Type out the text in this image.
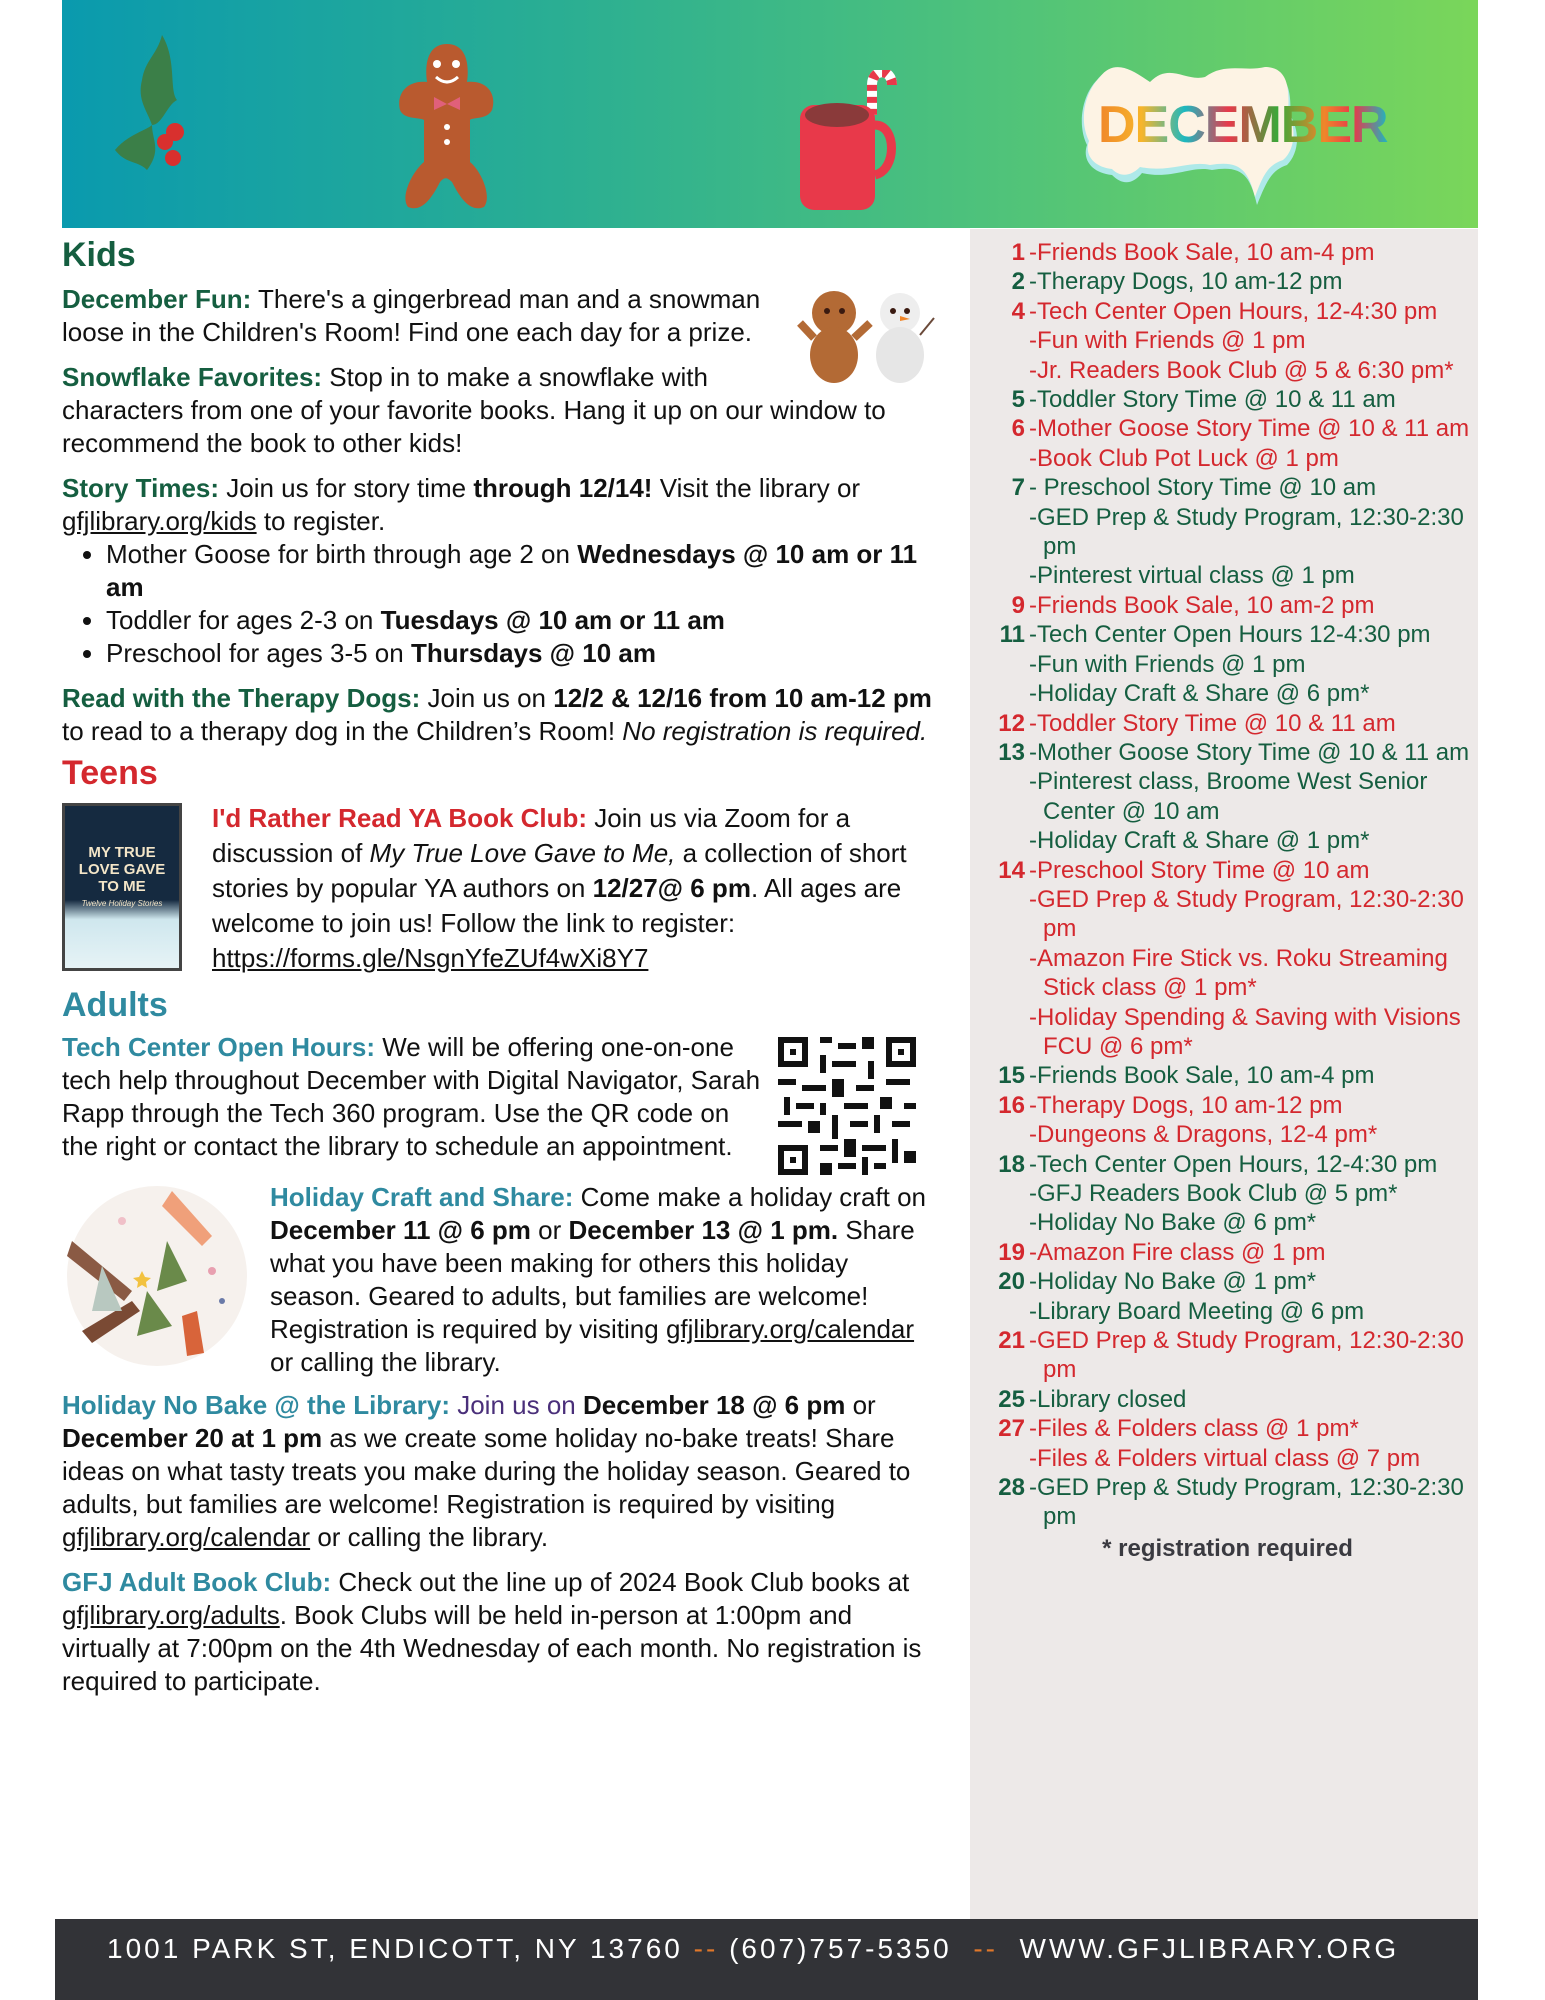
DECEMBER
Kids

December Fun: There's a gingerbread man and a snowman loose in the Children's Room! Find one each day for a prize.

Snowflake Favorites: Stop in to make a snowflake with characters from one of your favorite books. Hang it up on our window to recommend the book to other kids!

Story Times: Join us for story time through 12/14! Visit the library or gfjlibrary.org/kids to register.

• Mother Goose for birth through age 2 on Wednesdays @ 10 am or 11 am
• Toddler for ages 2-3 on Tuesdays @ 10 am or 11 am
• Preschool for ages 3-5 on Thursdays @ 10 am

Read with the Therapy Dogs: Join us on 12/2 & 12/16 from 10 am-12 pm to read to a therapy dog in the Children’s Room! No registration is required.

Teens
MY TRUE LOVE GAVE TO ME
Twelve Holiday Stories

I'd Rather Read YA Book Club: Join us via Zoom for a discussion of My True Love Gave to Me, a collection of short stories by popular YA authors on 12/27@ 6 pm. All ages are welcome to join us! Follow the link to register: https://forms.gle/NsgnYfeZUf4wXi8Y7

Adults

Tech Center Open Hours: We will be offering one-on-one tech help throughout December with Digital Navigator, Sarah Rapp through the Tech 360 program. Use the QR code on the right or contact the library to schedule an appointment.

Holiday Craft and Share: Come make a holiday craft on December 11 @ 6 pm or December 13 @ 1 pm. Share what you have been making for others this holiday season. Geared to adults, but families are welcome! Registration is required by visiting gfjlibrary.org/calendar or calling the library.

Holiday No Bake @ the Library: Join us on December 18 @ 6 pm or December 20 at 1 pm as we create some holiday no-bake treats! Share ideas on what tasty treats you make during the holiday season. Geared to adults, but families are welcome! Registration is required by visiting gfjlibrary.org/calendar or calling the library.

GFJ Adult Book Club: Check out the line up of 2024 Book Club books at gfjlibrary.org/adults. Book Clubs will be held in-person at 1:00pm and virtually at 7:00pm on the 4th Wednesday of each month. No registration is required to participate.

1 -Friends Book Sale, 10 am-4 pm
2 -Therapy Dogs, 10 am-12 pm
4 -Tech Center Open Hours, 12-4:30 pm
-Fun with Friends @ 1 pm
-Jr. Readers Book Club @ 5 & 6:30 pm*
5 -Toddler Story Time @ 10 & 11 am
6 -Mother Goose Story Time @ 10 & 11 am
-Book Club Pot Luck @ 1 pm
7 - Preschool Story Time @ 10 am
-GED Prep & Study Program, 12:30-2:30 pm
-Pinterest virtual class @ 1 pm
9 -Friends Book Sale, 10 am-2 pm
11 -Tech Center Open Hours 12-4:30 pm
-Fun with Friends @ 1 pm
-Holiday Craft & Share @ 6 pm*
12 -Toddler Story Time @ 10 & 11 am
13 -Mother Goose Story Time @ 10 & 11 am
-Pinterest class, Broome West Senior Center @ 10 am
-Holiday Craft & Share @ 1 pm*
14 -Preschool Story Time @ 10 am
-GED Prep & Study Program, 12:30-2:30 pm
-Amazon Fire Stick vs. Roku Streaming Stick class @ 1 pm*
-Holiday Spending & Saving with Visions FCU @ 6 pm*
15 -Friends Book Sale, 10 am-4 pm
16 -Therapy Dogs, 10 am-12 pm
-Dungeons & Dragons, 12-4 pm*
18 -Tech Center Open Hours, 12-4:30 pm
-GFJ Readers Book Club @ 5 pm*
-Holiday No Bake @ 6 pm*
19 -Amazon Fire class @ 1 pm
20 -Holiday No Bake @ 1 pm*
-Library Board Meeting @ 6 pm
21 -GED Prep & Study Program, 12:30-2:30 pm
25 -Library closed
27 -Files & Folders class @ 1 pm*
-Files & Folders virtual class @ 7 pm
28 -GED Prep & Study Program, 12:30-2:30 pm
* registration required
1001 PARK ST, ENDICOTT, NY 13760 -- (607)757-5350 -- WWW.GFJLIBRARY.ORG
